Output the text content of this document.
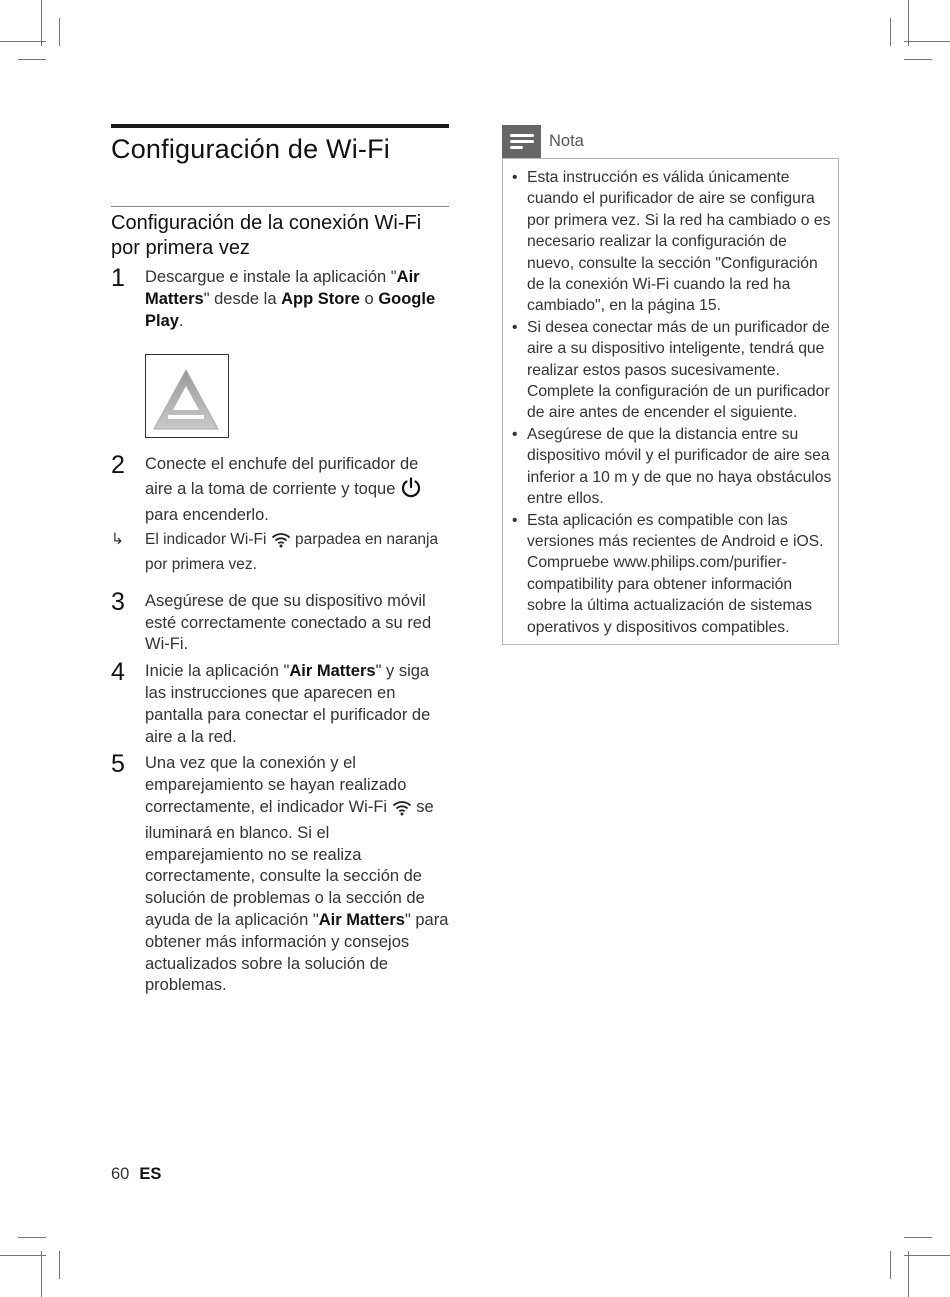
Configuración de Wi-Fi
Configuración de la conexión Wi-Fi por primera vez
1 Descargue e instale la aplicación "Air Matters" desde la App Store o Google Play.
2 Conecte el enchufe del purificador de aire a la toma de corriente y toque  para encenderlo.
↳ El indicador Wi-Fi  parpadea en naranja por primera vez.
3 Asegúrese de que su dispositivo móvil esté correctamente conectado a su red Wi-Fi.
4 Inicie la aplicación "Air Matters" y siga las instrucciones que aparecen en pantalla para conectar el purificador de aire a la red.
5 Una vez que la conexión y el emparejamiento se hayan realizado correctamente, el indicador Wi-Fi  se iluminará en blanco. Si el emparejamiento no se realiza correctamente, consulte la sección de solución de problemas o la sección de ayuda de la aplicación "Air Matters" para obtener más información y consejos actualizados sobre la solución de problemas.
Nota
• Esta instrucción es válida únicamente cuando el purificador de aire se configura por primera vez. Si la red ha cambiado o es necesario realizar la configuración de nuevo, consulte la sección "Configuración de la conexión Wi-Fi cuando la red ha cambiado", en la página 15.
• Si desea conectar más de un purificador de aire a su dispositivo inteligente, tendrá que realizar estos pasos sucesivamente. Complete la configuración de un purificador de aire antes de encender el siguiente.
• Asegúrese de que la distancia entre su dispositivo móvil y el purificador de aire sea inferior a 10 m y de que no haya obstáculos entre ellos.
• Esta aplicación es compatible con las versiones más recientes de Android e iOS. Compruebe www.philips.com/purifier-compatibility para obtener información sobre la última actualización de sistemas operativos y dispositivos compatibles.
60 ES
